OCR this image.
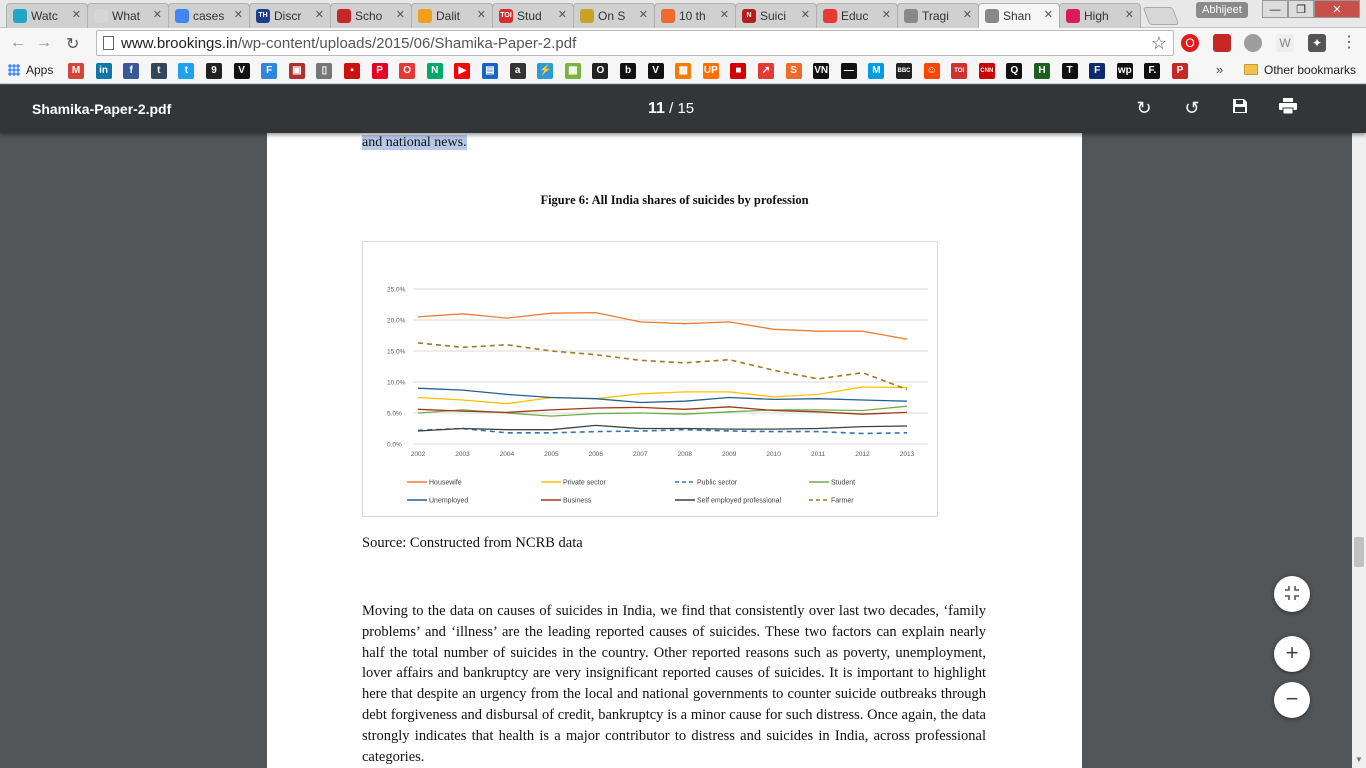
Watc	✕	What	✕	cases ✕	TH Discr	✕	Scho	✕	Dalit	✕ TOI Stud	✕	On S	✕	10 th	✕	N Suici	✕	Educ	✕	Tragi	✕	Shan	✕	High	✕	Abhijeet	—	❐	✕
← → ↻	www.brookings.in/wp-content/uploads/2015/06/Shamika-Paper-2.pdf	☆	O	W	✦ ⋮
Apps	M	in	f	t	t	9	V	F	▣	▯	▪	P	O	N	▶	▤	a	⚡	▦	O	b	V	▩	UP	■	↗	S	VN	—	M	BBC ☺	TOI	CNN	Q	H	T	F	wp	F.	P	»	Other bookmarks
Shamika-Paper-2.pdf	11 / 15	↻ ↺
and national news.
Figure 6: All India shares of suicides by profession
0.0%
5.0%
10.0%
15.0%
20.0%
25.0%
2002	2003	2004	2005	2006	2007	2008	2009	2010	2011	2012	2013
Housewife	Private sector	Public sector	Student
Unemployed	Business	Self employed professional	Farmer
Source: Constructed from NCRB data
Moving to the data on causes of suicides in India, we find that consistently over last two decades, ‘family problems’ and ‘illness’ are the leading reported causes of suicides. These two factors can explain nearly half the total number of suicides in the country. Other reported reasons such as poverty, unemployment, lover affairs and bankruptcy are very insignificant reported causes of suicides. It is important to highlight here that despite an urgency from the local and national governments to counter suicide outbreaks through debt forgiveness and disbursal of credit, bankruptcy is a minor cause for such distress. Once again, the data strongly indicates that health is a major contributor to distress and suicides in India, across professional categories.	▼
+
−
